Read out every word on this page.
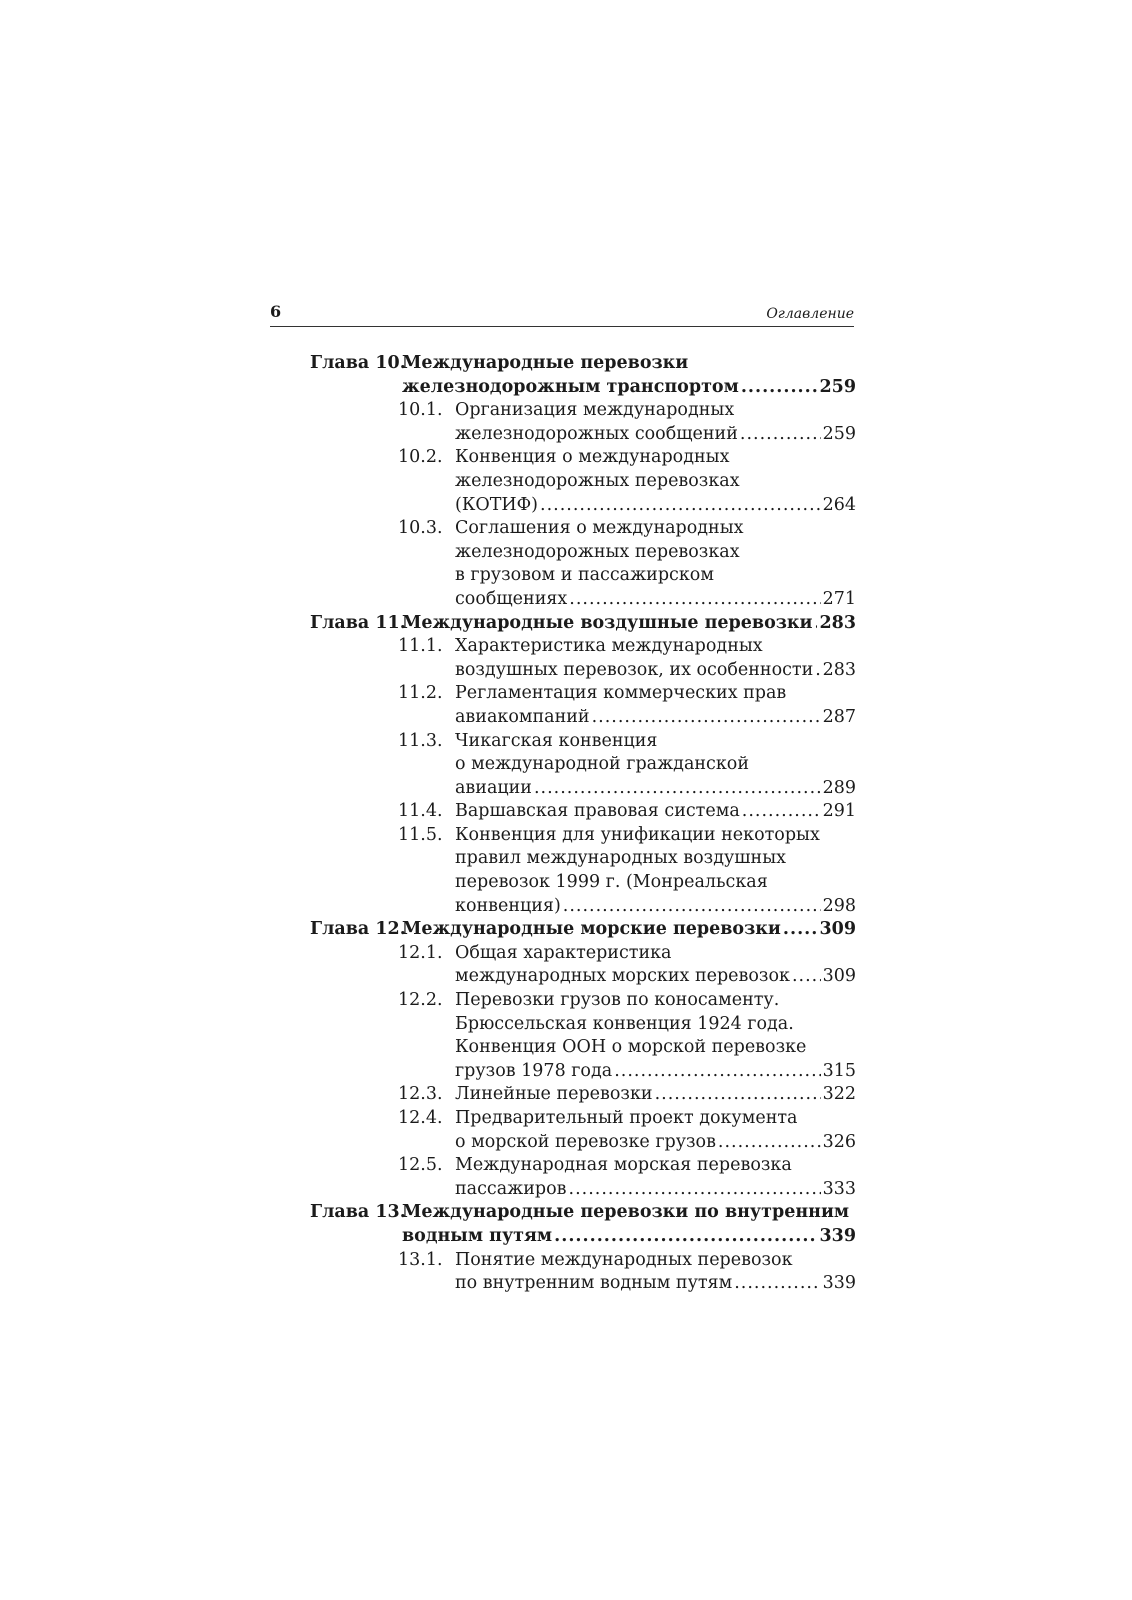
6	Оглавление
Глава 10.
Международные перевозки
железнодорожным транспортом .....	259
10.1. Организация международных
железнодорожных сообщений .....	259
10.2. Конвенция о международных
железнодорожных перевозках
(КОТИФ) .....	264
10.3. Соглашения о международных
железнодорожных перевозках
в грузовом и пассажирском
сообщениях .....	271
Глава 11.
Международные воздушные перевозки ..... 283
11.1. Характеристика международных
воздушных перевозок, их особенности ..... 283
11.2. Регламентация коммерческих прав
авиакомпаний .....	287
11.3. Чикагская конвенция
о международной гражданской
авиации .....	289
11.4. Варшавская правовая система .....	291
11.5. Конвенция для унификации некоторых
правил международных воздушных
перевозок 1999 г. (Монреальская
конвенция) .....	298
Глава 12.
Международные морские перевозки ..... 309
12.1. Общая характеристика
международных морских перевозок ..... 309
12.2. Перевозки грузов по коносаменту.
Брюссельская конвенция 1924 года.
Конвенция ООН о морской перевозке
грузов 1978 года .....	315
12.3. Линейные перевозки .....	322
12.4. Предварительный проект документа
о морской перевозке грузов .....	326
12.5. Международная морская перевозка
пассажиров .....	333
Глава 13.
Международные перевозки по внутренним
водным путям .....	339
13.1. Понятие международных перевозок
по внутренним водным путям .....	339
